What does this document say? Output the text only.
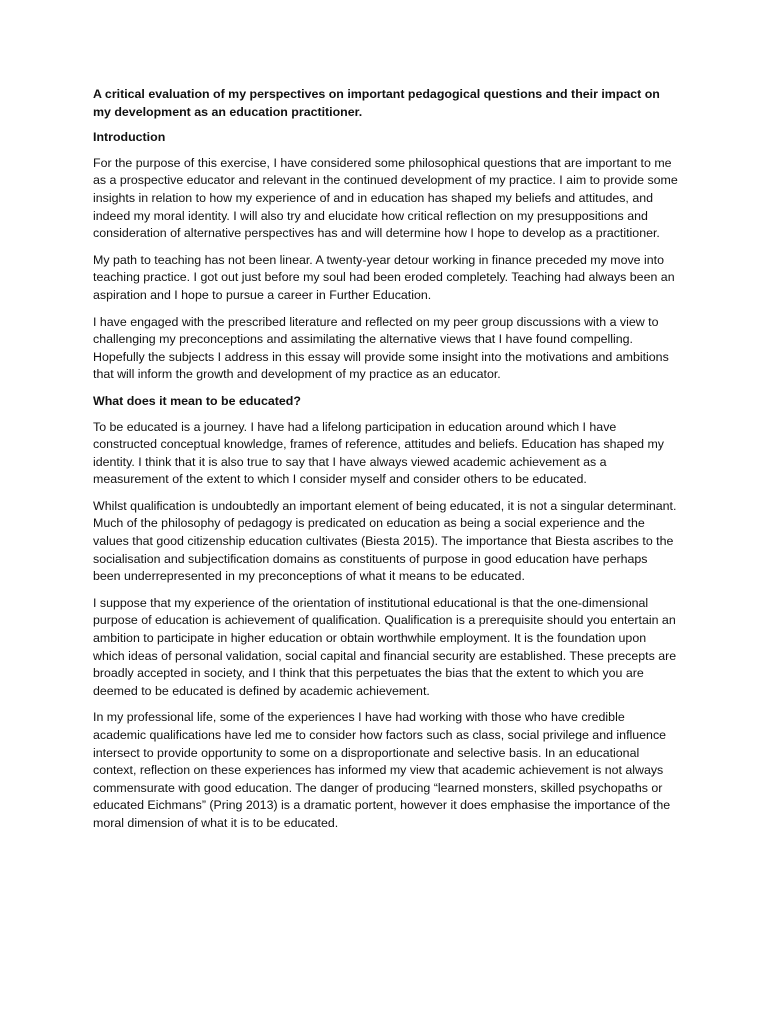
A critical evaluation of my perspectives on important pedagogical questions and their impact on my development as an education practitioner.

Introduction

For the purpose of this exercise, I have considered some philosophical questions that are important to me as a prospective educator and relevant in the continued development of my practice. I aim to provide some insights in relation to how my experience of and in education has shaped my beliefs and attitudes, and indeed my moral identity. I will also try and elucidate how critical reflection on my presuppositions and consideration of alternative perspectives has and will determine how I hope to develop as a practitioner.

My path to teaching has not been linear. A twenty-year detour working in finance preceded my move into teaching practice. I got out just before my soul had been eroded completely. Teaching had always been an aspiration and I hope to pursue a career in Further Education.

I have engaged with the prescribed literature and reflected on my peer group discussions with a view to challenging my preconceptions and assimilating the alternative views that I have found compelling. Hopefully the subjects I address in this essay will provide some insight into the motivations and ambitions that will inform the growth and development of my practice as an educator.

What does it mean to be educated?

To be educated is a journey. I have had a lifelong participation in education around which I have constructed conceptual knowledge, frames of reference, attitudes and beliefs. Education has shaped my identity. I think that it is also true to say that I have always viewed academic achievement as a measurement of the extent to which I consider myself and consider others to be educated.

Whilst qualification is undoubtedly an important element of being educated, it is not a singular determinant. Much of the philosophy of pedagogy is predicated on education as being a social experience and the values that good citizenship education cultivates (Biesta 2015). The importance that Biesta ascribes to the socialisation and subjectification domains as constituents of purpose in good education have perhaps been underrepresented in my preconceptions of what it means to be educated.

I suppose that my experience of the orientation of institutional educational is that the one-dimensional purpose of education is achievement of qualification. Qualification is a prerequisite should you entertain an ambition to participate in higher education or obtain worthwhile employment. It is the foundation upon which ideas of personal validation, social capital and financial security are established. These precepts are broadly accepted in society, and I think that this perpetuates the bias that the extent to which you are deemed to be educated is defined by academic achievement.

In my professional life, some of the experiences I have had working with those who have credible academic qualifications have led me to consider how factors such as class, social privilege and influence intersect to provide opportunity to some on a disproportionate and selective basis. In an educational context, reflection on these experiences has informed my view that academic achievement is not always commensurate with good education. The danger of producing “learned monsters, skilled psychopaths or educated Eichmans” (Pring 2013) is a dramatic portent, however it does emphasise the importance of the moral dimension of what it is to be educated.
